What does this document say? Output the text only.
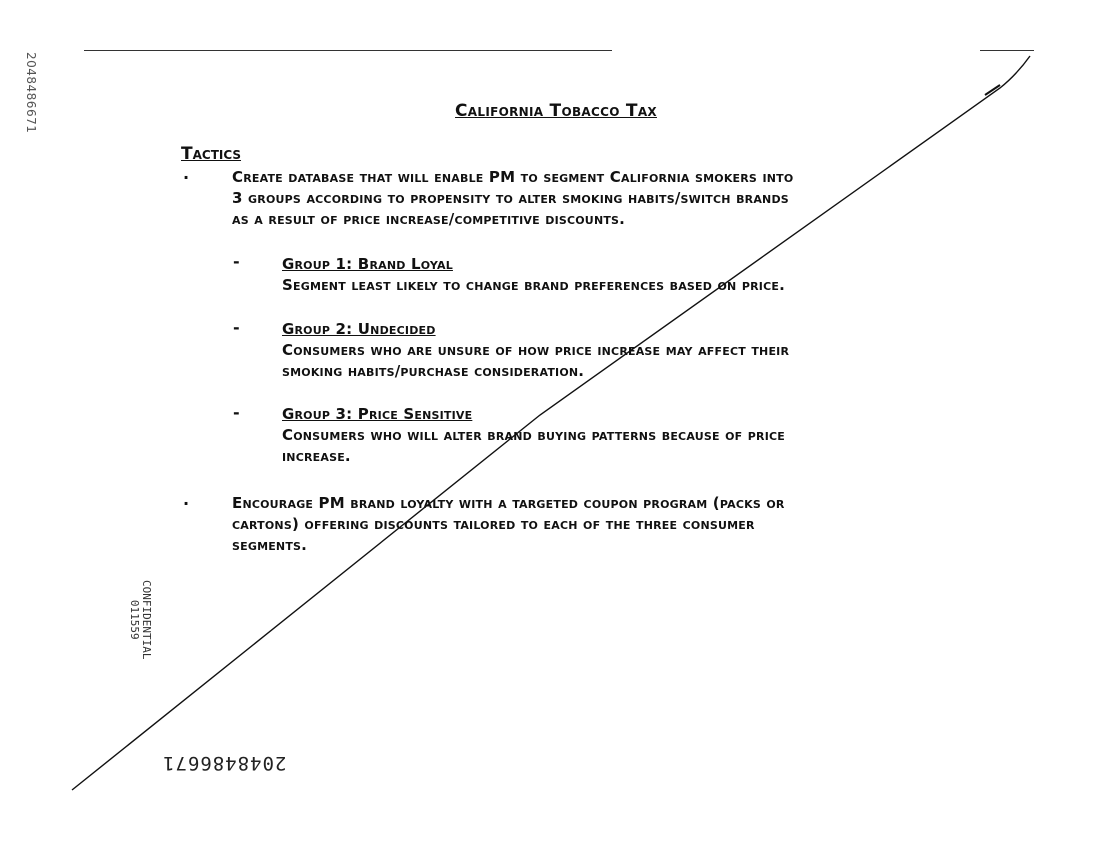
2048486671	California Tobacco Tax
Tactics
.	Create database that will enable PM to segment California smokers into
3 groups according to propensity to alter smoking habits/switch brands
as a result of price increase/competitive discounts.
-	Group 1: Brand Loyal
Segment least likely to change brand preferences based on price.
-	Group 2: Undecided
Consumers who are unsure of how price increase may affect their
smoking habits/purchase consideration.
-	Group 3: Price Sensitive
Consumers who will alter brand buying patterns because of price
increase.
.	Encourage PM brand loyalty with a targeted coupon program (packs or
cartons) offering discounts tailored to each of the three consumer
segments.
CONFIDENTIAL
011559
2048486671
